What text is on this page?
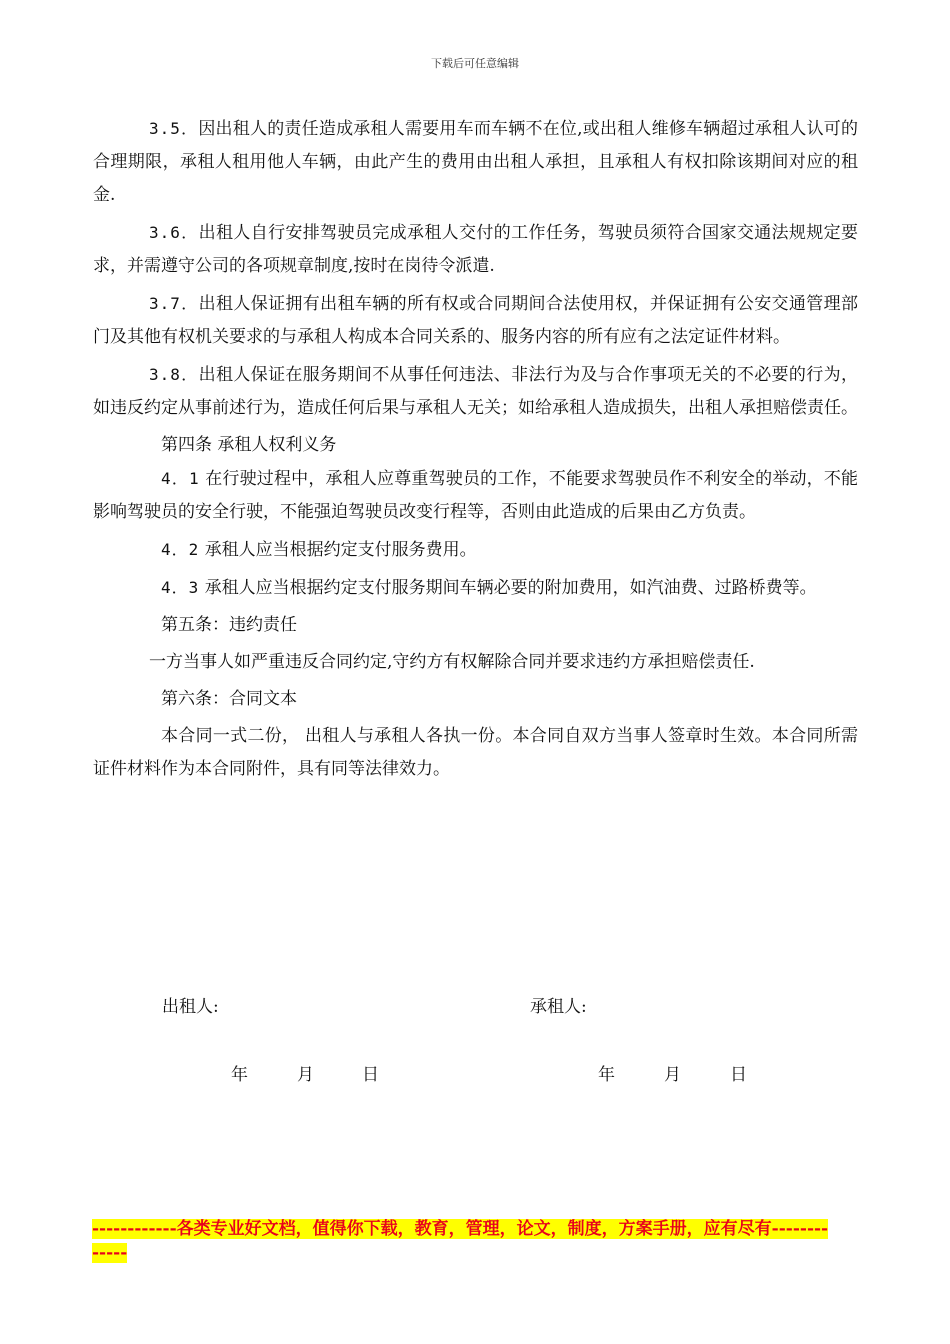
下载后可任意编辑

3.5．因出租人的责任造成承租人需要用车而车辆不在位,或出租人维修车辆超过承租人认可的合理期限，承租人租用他人车辆，由此产生的费用由出租人承担，且承租人有权扣除该期间对应的租金.

3.6．出租人自行安排驾驶员完成承租人交付的工作任务，驾驶员须符合国家交通法规规定要求，并需遵守公司的各项规章制度,按时在岗待令派遣.

3.7．出租人保证拥有出租车辆的所有权或合同期间合法使用权，并保证拥有公安交通管理部门及其他有权机关要求的与承租人构成本合同关系的、服务内容的所有应有之法定证件材料。

3.8．出租人保证在服务期间不从事任何违法、非法行为及与合作事项无关的不必要的行为，如违反约定从事前述行为，造成任何后果与承租人无关；如给承租人造成损失，出租人承担赔偿责任。

第四条 承租人权利义务

4．1 在行驶过程中，承租人应尊重驾驶员的工作，不能要求驾驶员作不利安全的举动，不能影响驾驶员的安全行驶，不能强迫驾驶员改变行程等，否则由此造成的后果由乙方负责。

4．2 承租人应当根据约定支付服务费用。

4．3 承租人应当根据约定支付服务期间车辆必要的附加费用，如汽油费、过路桥费等。

第五条：违约责任

一方当事人如严重违反合同约定,守约方有权解除合同并要求违约方承担赔偿责任.

第六条：合同文本

本合同一式二份， 出租人与承租人各执一份。本合同自双方当事人签章时生效。本合同所需证件材料作为本合同附件，具有同等法律效力。

出租人:	承租人:
年	月	日	年	月	日
------------各类专业好文档，值得你下载，教育，管理，论文，制度，方案手册，应有尽有-------------
